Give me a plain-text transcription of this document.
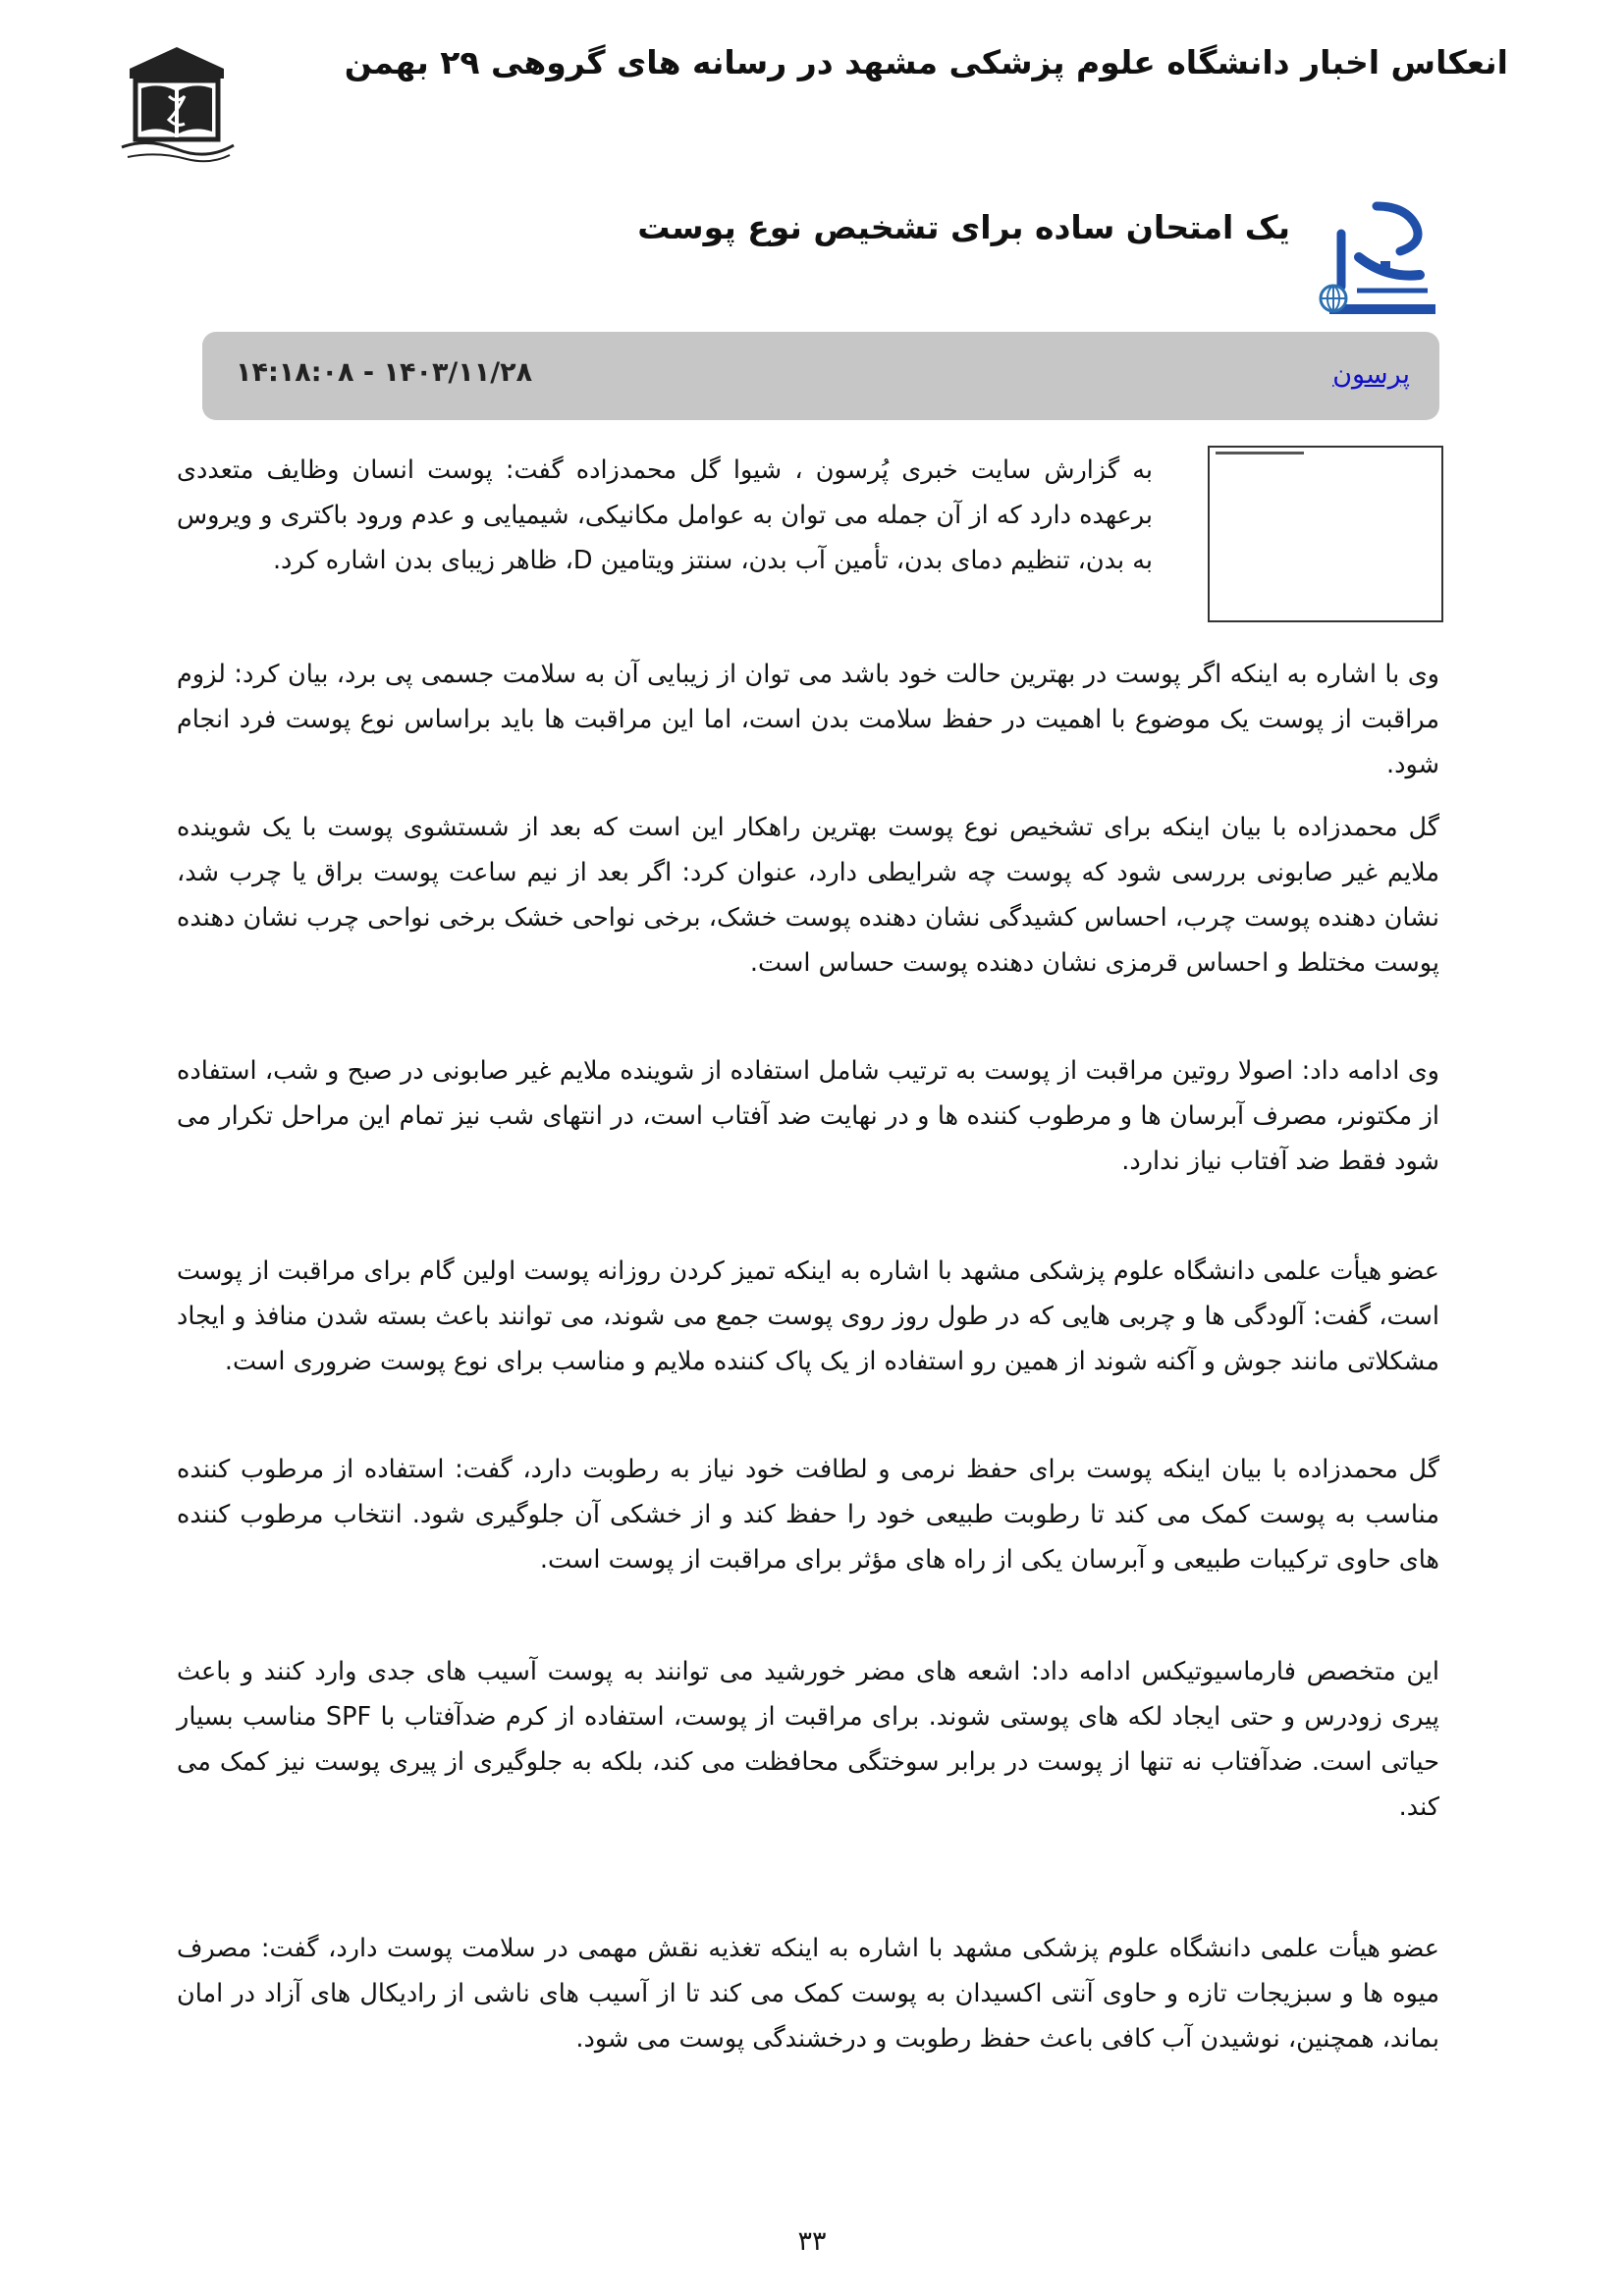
انعکاس اخبار دانشگاه علوم پزشکی مشهد در رسانه های گروهی ۲۹ بهمن
یک امتحان ساده برای تشخیص نوع پوست
پرسون
۱۴۰۳/۱۱/۲۸ - ۱۴:۱۸:۰۸
به گزارش سایت خبری پُرسون ، شیوا گل محمدزاده گفت: پوست انسان وظایف متعددی برعهده دارد که از آن جمله می توان به عوامل مکانیکی، شیمیایی و عدم ورود باکتری و ویروس به بدن، تنظیم دمای بدن، تأمین آب بدن، سنتز ویتامین D، ظاهر زیبای بدن اشاره کرد.
وی با اشاره به اینکه اگر پوست در بهترین حالت خود باشد می توان از زیبایی آن به سلامت جسمی پی برد، بیان کرد: لزوم مراقبت از پوست یک موضوع با اهمیت در حفظ سلامت بدن است، اما این مراقبت ها باید براساس نوع پوست فرد انجام شود.
گل محمدزاده با بیان اینکه برای تشخیص نوع پوست بهترین راهکار این است که بعد از شستشوی پوست با یک شوینده ملایم غیر صابونی بررسی شود که پوست چه شرایطی دارد، عنوان کرد: اگر بعد از نیم ساعت پوست براق یا چرب شد، نشان دهنده پوست چرب، احساس کشیدگی نشان دهنده پوست خشک، برخی نواحی خشک برخی نواحی چرب نشان دهنده پوست مختلط و احساس قرمزی نشان دهنده پوست حساس است.
وی ادامه داد: اصولا روتین مراقبت از پوست به ترتیب شامل استفاده از شوینده ملایم غیر صابونی در صبح و شب، استفاده از مکتونر، مصرف آبرسان ها و مرطوب کننده ها و در نهایت ضد آفتاب است، در انتهای شب نیز تمام این مراحل تکرار می شود فقط ضد آفتاب نیاز ندارد.
عضو هیأت علمی دانشگاه علوم پزشکی مشهد با اشاره به اینکه تمیز کردن روزانه پوست اولین گام برای مراقبت از پوست است، گفت: آلودگی ها و چربی هایی که در طول روز روی پوست جمع می شوند، می توانند باعث بسته شدن منافذ و ایجاد مشکلاتی مانند جوش و آکنه شوند از همین رو استفاده از یک پاک کننده ملایم و مناسب برای نوع پوست ضروری است.
گل محمدزاده با بیان اینکه پوست برای حفظ نرمی و لطافت خود نیاز به رطوبت دارد، گفت: استفاده از مرطوب کننده مناسب به پوست کمک می کند تا رطوبت طبیعی خود را حفظ کند و از خشکی آن جلوگیری شود. انتخاب مرطوب کننده های حاوی ترکیبات طبیعی و آبرسان یکی از راه های مؤثر برای مراقبت از پوست است.
این متخصص فارماسیوتیکس ادامه داد: اشعه های مضر خورشید می توانند به پوست آسیب های جدی وارد کنند و باعث پیری زودرس و حتی ایجاد لکه های پوستی شوند. برای مراقبت از پوست، استفاده از کرم ضدآفتاب با SPF مناسب بسیار حیاتی است. ضدآفتاب نه تنها از پوست در برابر سوختگی محافظت می کند، بلکه به جلوگیری از پیری پوست نیز کمک می کند.
عضو هیأت علمی دانشگاه علوم پزشکی مشهد با اشاره به اینکه تغذیه نقش مهمی در سلامت پوست دارد، گفت: مصرف میوه ها و سبزیجات تازه و حاوی آنتی اکسیدان به پوست کمک می کند تا از آسیب های ناشی از رادیکال های آزاد در امان بماند، همچنین، نوشیدن آب کافی باعث حفظ رطوبت و درخشندگی پوست می شود.
۳۳
